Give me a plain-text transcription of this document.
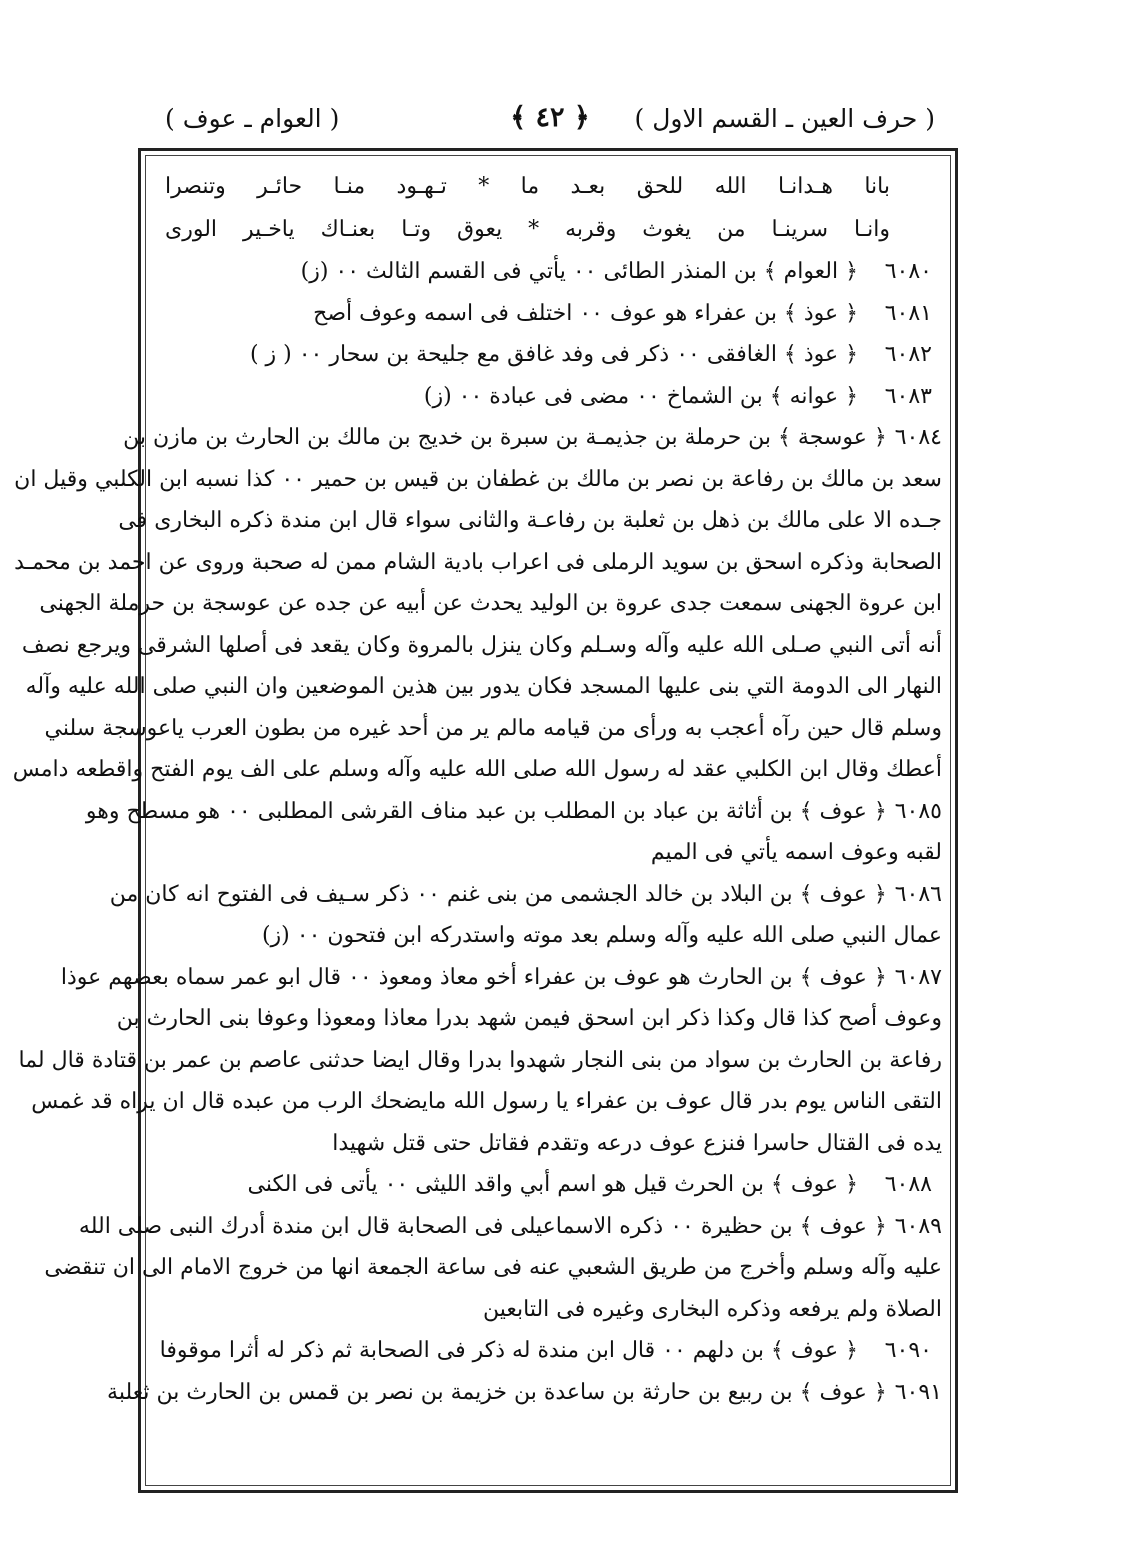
( حرف العين ـ القسم الاول )
﴿ ٤٢ ﴾
( العوام ـ عوف )
بانا هـدانـا الله للحق بعـد ما * تـهـود منـا حائـر وتنصرا
وانـا سرينـا من يغوث وقربه * يعوق وتـا بعنـاك ياخـير الورى
٦٠٨٠﴿ العوام ﴾ بن المنذر الطائى ٠٠ يأتي فى القسم الثالث ٠٠ (ز)
٦٠٨١﴿ عوذ ﴾ بن عفراء هو عوف ٠٠ اختلف فى اسمه وعوف أصح
٦٠٨٢﴿ عوذ ﴾ الغافقى ٠٠ ذكر فى وفد غافق مع جليحة بن سحار ٠٠ ( ز )
٦٠٨٣﴿ عوانه ﴾ بن الشماخ ٠٠ مضى فى عبادة ٠٠ (ز)
٦٠٨٤﴿ عوسجة ﴾ بن حرملة بن جذيمـة بن سبرة بن خديج بن مالك بن الحارث بن مازن بن
سعد بن مالك بن رفاعة بن نصر بن مالك بن غطفان بن قيس بن حمير ٠٠ كذا نسبه ابن الكلبي وقيل ان
جـده الا على مالك بن ذهل بن ثعلبة بن رفاعـة والثانى سواء قال ابن مندة ذكره البخارى فى
الصحابة وذكره اسحق بن سويد الرملى فى اعراب بادية الشام ممن له صحبة وروى عن احمد بن محمـد
ابن عروة الجهنى سمعت جدى عروة بن الوليد يحدث عن أبيه عن جده عن عوسجة بن حرملة الجهنى
أنه أتى النبي صـلى الله عليه وآله وسـلم وكان ينزل بالمروة وكان يقعد فى أصلها الشرقى ويرجع نصف
النهار الى الدومة التي بنى عليها المسجد فكان يدور بين هذين الموضعين وان النبي صلى الله عليه وآله
وسلم قال حين رآه أعجب به ورأى من قيامه مالم ير من أحد غيره من بطون العرب ياعوسجة سلني
أعطك وقال ابن الكلبي عقد له رسول الله صلى الله عليه وآله وسلم على الف يوم الفتح واقطعه دامس
٦٠٨٥﴿ عوف ﴾ بن أثاثة بن عباد بن المطلب بن عبد مناف القرشى المطلبى ٠٠ هو مسطح وهو
لقبه وعوف اسمه يأتي فى الميم
٦٠٨٦﴿ عوف ﴾ بن البلاد بن خالد الجشمى من بنى غنم ٠٠ ذكر سـيف فى الفتوح انه كان من
عمال النبي صلى الله عليه وآله وسلم بعد موته واستدركه ابن فتحون ٠٠ (ز)
٦٠٨٧﴿ عوف ﴾ بن الحارث هو عوف بن عفراء أخو معاذ ومعوذ ٠٠ قال ابو عمر سماه بعضهم عوذا
وعوف أصح كذا قال وكذا ذكر ابن اسحق فيمن شهد بدرا معاذا ومعوذا وعوفا بنى الحارث بن
رفاعة بن الحارث بن سواد من بنى النجار شهدوا بدرا وقال ايضا حدثنى عاصم بن عمر بن قتادة قال لما
التقى الناس يوم بدر قال عوف بن عفراء يا رسول الله مايضحك الرب من عبده قال ان يراه قد غمس
يده فى القتال حاسرا فنزع عوف درعه وتقدم فقاتل حتى قتل شهيدا
٦٠٨٨﴿ عوف ﴾ بن الحرث قيل هو اسم أبي واقد الليثى ٠٠ يأتى فى الكنى
٦٠٨٩﴿ عوف ﴾ بن حظيرة ٠٠ ذكره الاسماعيلى فى الصحابة قال ابن مندة أدرك النبى صلى الله
عليه وآله وسلم وأخرج من طريق الشعبي عنه فى ساعة الجمعة انها من خروج الامام الى ان تنقضى
الصلاة ولم يرفعه وذكره البخارى وغيره فى التابعين
٦٠٩٠﴿ عوف ﴾ بن دلهم ٠٠ قال ابن مندة له ذكر فى الصحابة ثم ذكر له أثرا موقوفا
٦٠٩١﴿ عوف ﴾ بن ربيع بن حارثة بن ساعدة بن خزيمة بن نصر بن قمس بن الحارث بن ثعلبة
